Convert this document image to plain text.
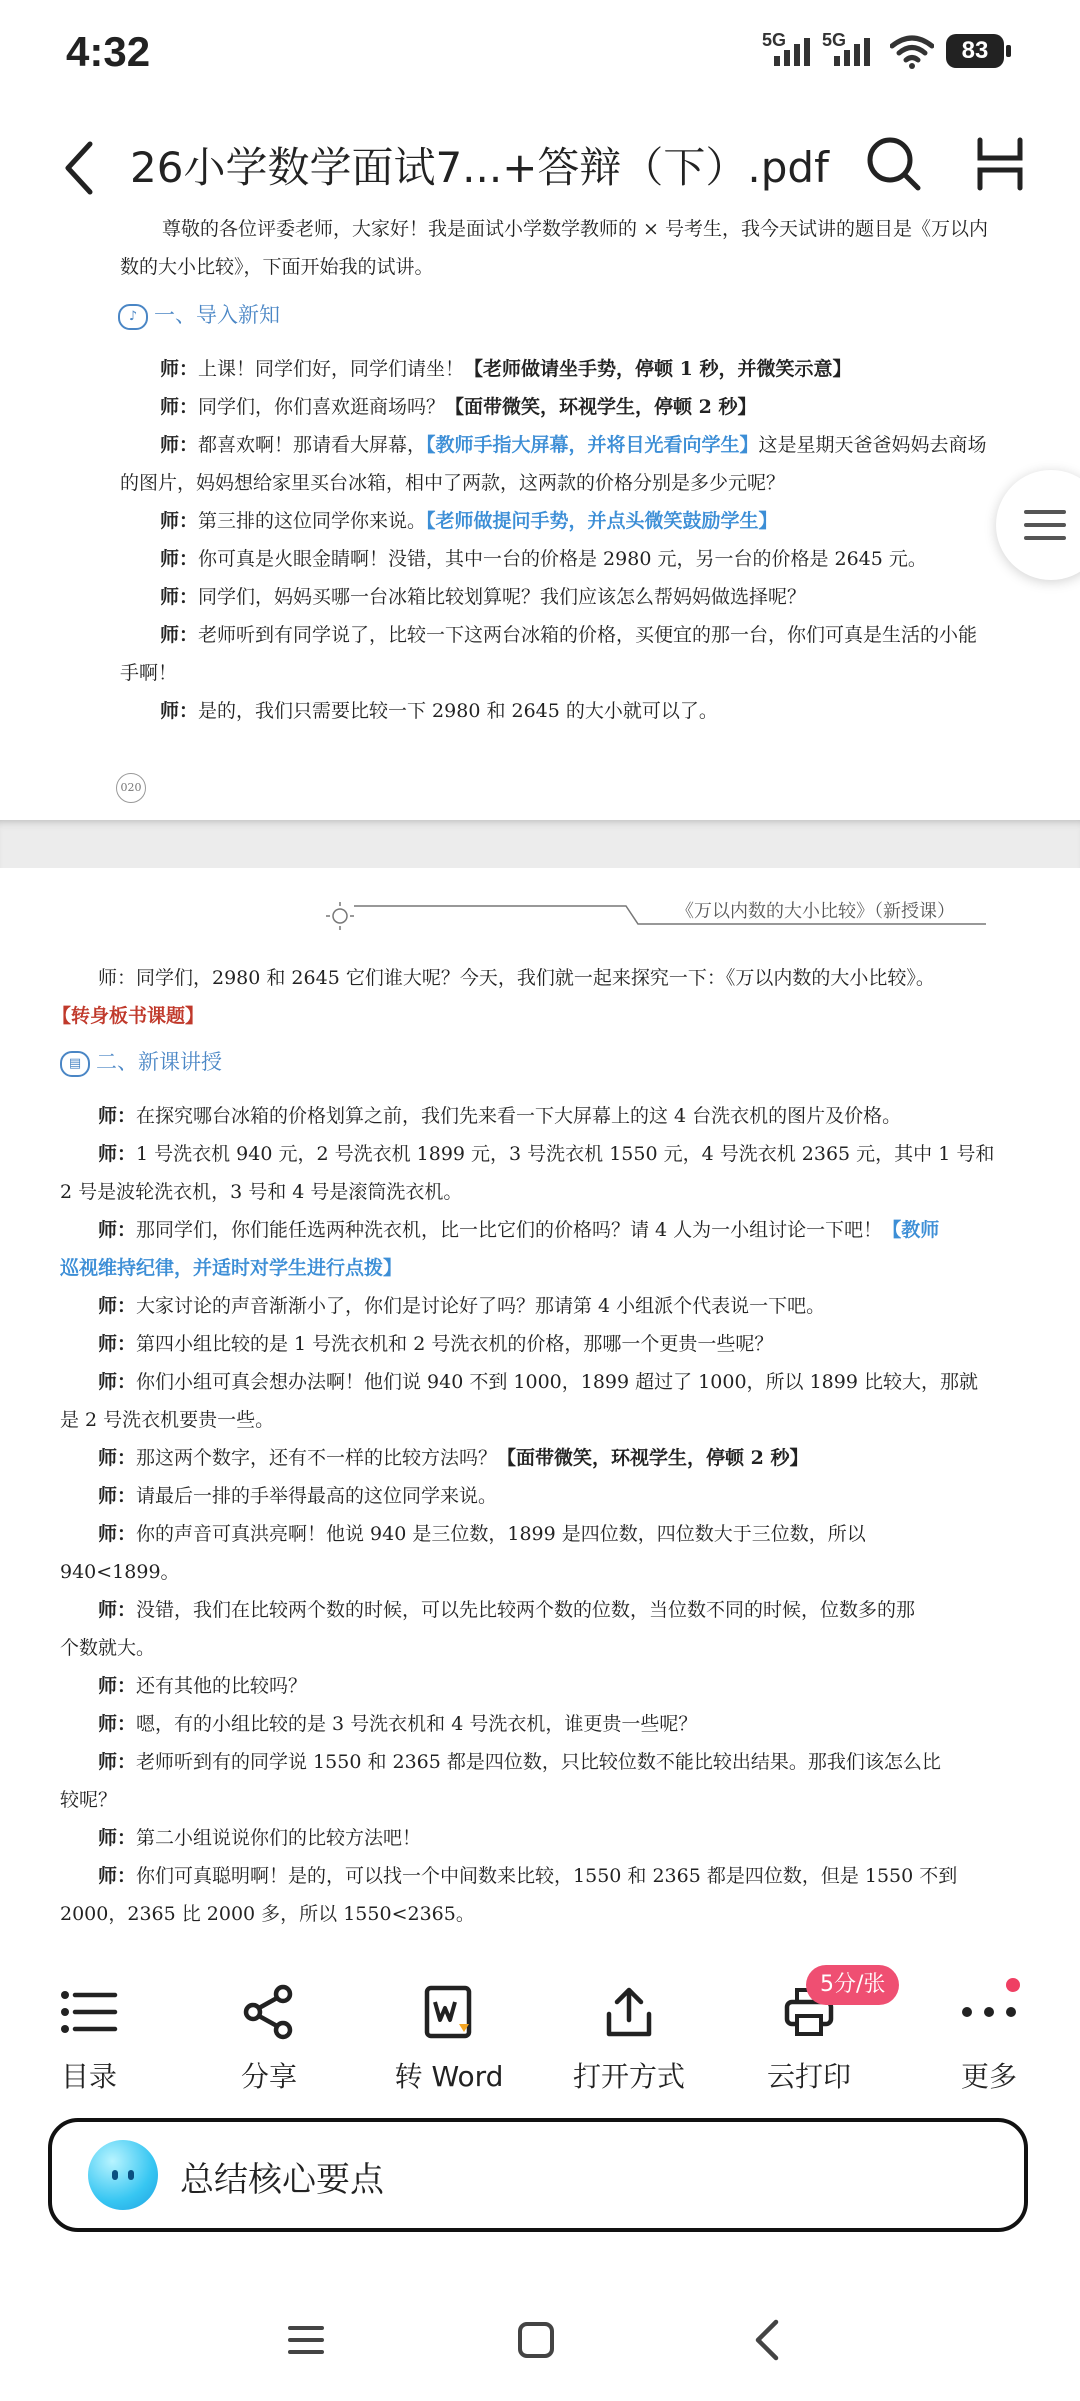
4:32	5G 5G	83
26小学数学面试7...+答辩（下）.pdf
尊敬的各位评委老师，大家好！我是面试小学数学教师的 × 号考生，我今天试讲的题目是《万以内
数的大小比较》，下面开始我的试讲。
♪ 一、导入新知
师：上课！同学们好，同学们请坐！【老师做请坐手势，停顿 1 秒，并微笑示意】
师：同学们，你们喜欢逛商场吗？【面带微笑，环视学生，停顿 2 秒】
师：都喜欢啊！那请看大屏幕，【教师手指大屏幕，并将目光看向学生】这是星期天爸爸妈妈去商场
的图片，妈妈想给家里买台冰箱，相中了两款，这两款的价格分别是多少元呢？
师：第三排的这位同学你来说。【老师做提问手势，并点头微笑鼓励学生】
师：你可真是火眼金睛啊！没错，其中一台的价格是 2980 元，另一台的价格是 2645 元。
师：同学们，妈妈买哪一台冰箱比较划算呢？我们应该怎么帮妈妈做选择呢？
师：老师听到有同学说了，比较一下这两台冰箱的价格，买便宜的那一台，你们可真是生活的小能
手啊！
师：是的，我们只需要比较一下 2980 和 2645 的大小就可以了。
020
《万以内数的大小比较》（新授课）
师：同学们，2980 和 2645 它们谁大呢？今天，我们就一起来探究一下：《万以内数的大小比较》。
【转身板书课题】
▤ 二、新课讲授
师：在探究哪台冰箱的价格划算之前，我们先来看一下大屏幕上的这 4 台洗衣机的图片及价格。
师：1 号洗衣机 940 元，2 号洗衣机 1899 元，3 号洗衣机 1550 元，4 号洗衣机 2365 元，其中 1 号和
2 号是波轮洗衣机，3 号和 4 号是滚筒洗衣机。
师：那同学们，你们能任选两种洗衣机，比一比它们的价格吗？请 4 人为一小组讨论一下吧！【教师
巡视维持纪律，并适时对学生进行点拨】
师：大家讨论的声音渐渐小了，你们是讨论好了吗？那请第 4 小组派个代表说一下吧。
师：第四小组比较的是 1 号洗衣机和 2 号洗衣机的价格，那哪一个更贵一些呢？
师：你们小组可真会想办法啊！他们说 940 不到 1000，1899 超过了 1000，所以 1899 比较大，那就
是 2 号洗衣机要贵一些。
师：那这两个数字，还有不一样的比较方法吗？【面带微笑，环视学生，停顿 2 秒】
师：请最后一排的手举得最高的这位同学来说。
师：你的声音可真洪亮啊！他说 940 是三位数，1899 是四位数，四位数大于三位数，所以
940<1899。
师：没错，我们在比较两个数的时候，可以先比较两个数的位数，当位数不同的时候，位数多的那
个数就大。
师：还有其他的比较吗？
师：嗯，有的小组比较的是 3 号洗衣机和 4 号洗衣机，谁更贵一些呢？
师：老师听到有的同学说 1550 和 2365 都是四位数，只比较位数不能比较出结果。那我们该怎么比
较呢？
师：第二小组说说你们的比较方法吧！
师：你们可真聪明啊！是的，可以找一个中间数来比较，1550 和 2365 都是四位数，但是 1550 不到
2000，2365 比 2000 多，所以 1550<2365。
目录	分享	转 Word	打开方式	云打印	更多
5分/张
总结核心要点
